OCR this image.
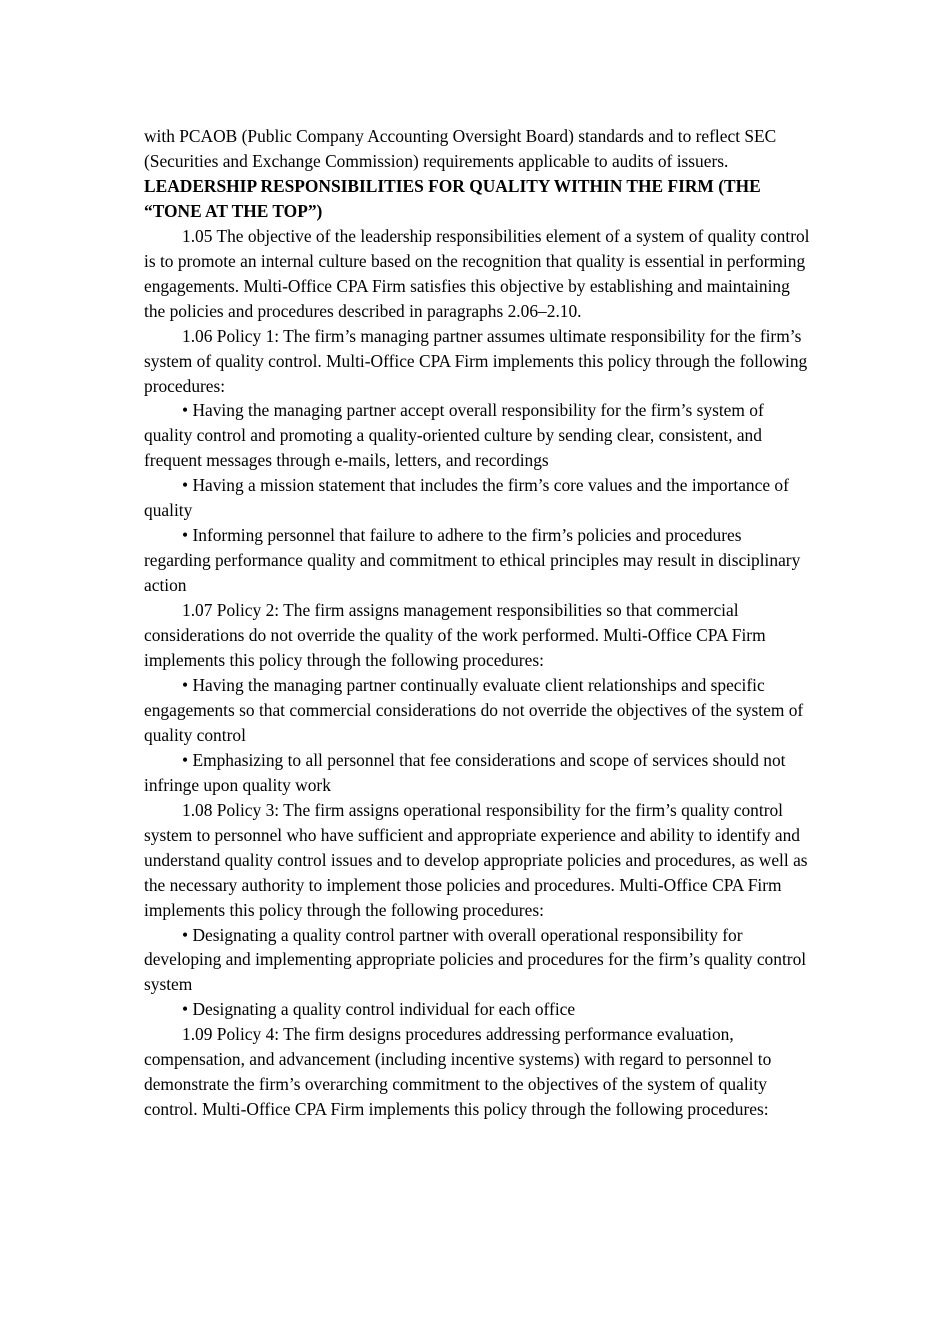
with PCAOB (Public Company Accounting Oversight Board) standards and to reflect SEC (Securities and Exchange Commission) requirements applicable to audits of issuers.

LEADERSHIP RESPONSIBILITIES FOR QUALITY WITHIN THE FIRM (THE “TONE AT THE TOP”)

1.05 The objective of the leadership responsibilities element of a system of quality control is to promote an internal culture based on the recognition that quality is essential in performing engagements. Multi-Office CPA Firm satisfies this objective by establishing and maintaining the policies and procedures described in paragraphs 2.06–2.10.

1.06 Policy 1: The firm’s managing partner assumes ultimate responsibility for the firm’s system of quality control. Multi-Office CPA Firm implements this policy through the following procedures:

• Having the managing partner accept overall responsibility for the firm’s system of quality control and promoting a quality-oriented culture by sending clear, consistent, and frequent messages through e-mails, letters, and recordings

• Having a mission statement that includes the firm’s core values and the importance of quality

• Informing personnel that failure to adhere to the firm’s policies and procedures regarding performance quality and commitment to ethical principles may result in disciplinary action

1.07 Policy 2: The firm assigns management responsibilities so that commercial considerations do not override the quality of the work performed. Multi-Office CPA Firm implements this policy through the following procedures:

• Having the managing partner continually evaluate client relationships and specific engagements so that commercial considerations do not override the objectives of the system of quality control

• Emphasizing to all personnel that fee considerations and scope of services should not infringe upon quality work

1.08 Policy 3: The firm assigns operational responsibility for the firm’s quality control system to personnel who have sufficient and appropriate experience and ability to identify and understand quality control issues and to develop appropriate policies and procedures, as well as the necessary authority to implement those policies and procedures. Multi-Office CPA Firm implements this policy through the following procedures:

• Designating a quality control partner with overall operational responsibility for developing and implementing appropriate policies and procedures for the firm’s quality control system

• Designating a quality control individual for each office

1.09 Policy 4: The firm designs procedures addressing performance evaluation, compensation, and advancement (including incentive systems) with regard to personnel to demonstrate the firm’s overarching commitment to the objectives of the system of quality control. Multi-Office CPA Firm implements this policy through the following procedures:
